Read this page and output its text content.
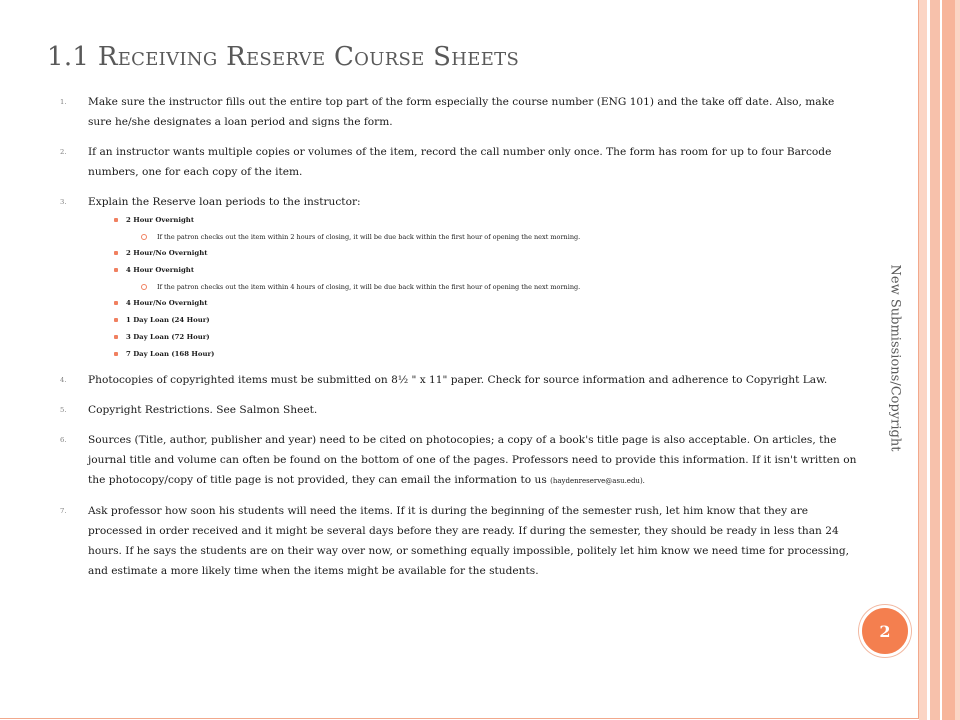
1.1 Receiving Reserve Course Sheets
1. Make sure the instructor fills out the entire top part of the form especially the course number (ENG 101) and the take off date. Also, make sure he/she designates a loan period and signs the form.
2. If an instructor wants multiple copies or volumes of the item, record the call number only once. The form has room for up to four Barcode numbers, one for each copy of the item.
3. Explain the Reserve loan periods to the instructor:
2 Hour Overnight
If the patron checks out the item within 2 hours of closing, it will be due back within the first hour of opening the next morning.
2 Hour/No Overnight
4 Hour Overnight
If the patron checks out the item within 4 hours of closing, it will be due back within the first hour of opening the next morning.
4 Hour/No Overnight
1 Day Loan (24 Hour)
3 Day Loan (72 Hour)
7 Day Loan (168 Hour)
4. Photocopies of copyrighted items must be submitted on 8½ " x 11" paper. Check for source information and adherence to Copyright Law.
5. Copyright Restrictions. See Salmon Sheet.
6. Sources (Title, author, publisher and year) need to be cited on photocopies; a copy of a book's title page is also acceptable. On articles, the journal title and volume can often be found on the bottom of one of the pages. Professors need to provide this information. If it isn't written on the photocopy/copy of title page is not provided, they can email the information to us (haydenreserve@asu.edu).
7. Ask professor how soon his students will need the items. If it is during the beginning of the semester rush, let him know that they are processed in order received and it might be several days before they are ready. If during the semester, they should be ready in less than 24 hours. If he says the students are on their way over now, or something equally impossible, politely let him know we need time for processing, and estimate a more likely time when the items might be available for the students.
New Submissions/Copyright
2
